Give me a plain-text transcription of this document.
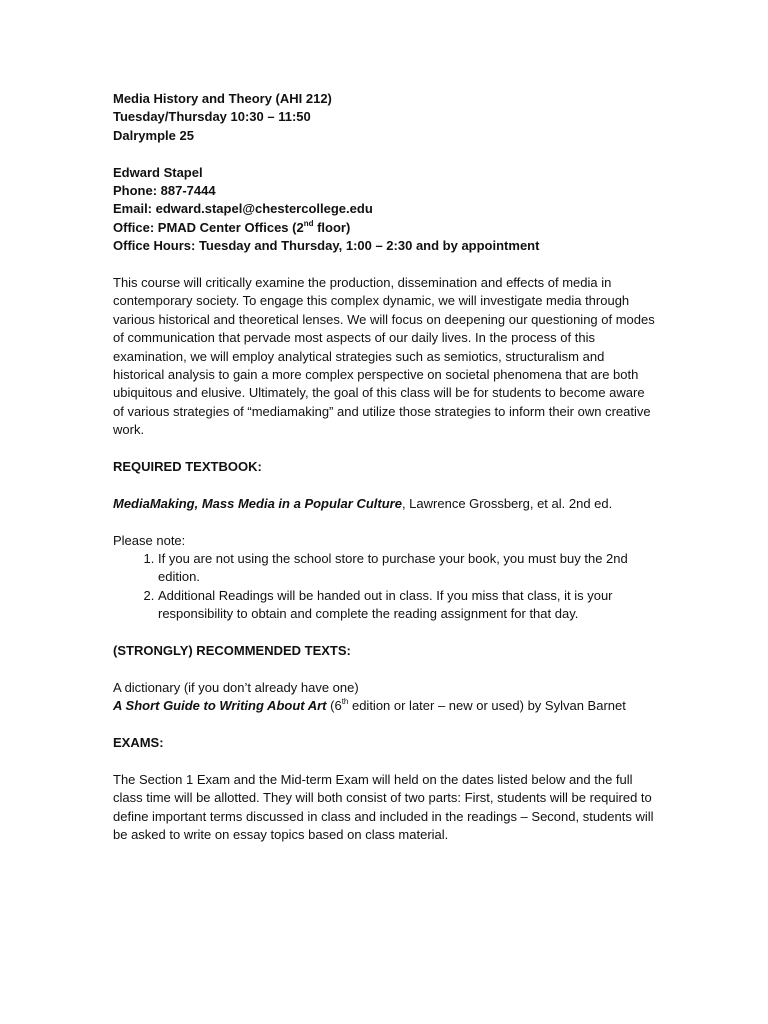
Media History and Theory (AHI 212)

Tuesday/Thursday 10:30 – 11:50

Dalrymple 25

Edward Stapel

Phone: 887-7444

Email: edward.stapel@chestercollege.edu

Office: PMAD Center Offices (2nd floor)

Office Hours: Tuesday and Thursday, 1:00 – 2:30 and by appointment

This course will critically examine the production, dissemination and effects of media in contemporary society. To engage this complex dynamic, we will investigate media through various historical and theoretical lenses. We will focus on deepening our questioning of modes of communication that pervade most aspects of our daily lives. In the process of this examination, we will employ analytical strategies such as semiotics, structuralism and historical analysis to gain a more complex perspective on societal phenomena that are both ubiquitous and elusive. Ultimately, the goal of this class will be for students to become aware of various strategies of “mediamaking” and utilize those strategies to inform their own creative work.

REQUIRED TEXTBOOK:

MediaMaking, Mass Media in a Popular Culture, Lawrence Grossberg, et al. 2nd ed.

Please note:

1. If you are not using the school store to purchase your book, you must buy the 2nd edition.
2. Additional Readings will be handed out in class. If you miss that class, it is your responsibility to obtain and complete the reading assignment for that day.

(STRONGLY) RECOMMENDED TEXTS:

A dictionary (if you don’t already have one)

A Short Guide to Writing About Art (6th edition or later – new or used) by Sylvan Barnet

EXAMS:

The Section 1 Exam and the Mid-term Exam will held on the dates listed below and the full class time will be allotted. They will both consist of two parts: First, students will be required to define important terms discussed in class and included in the readings – Second, students will be asked to write on essay topics based on class material.
